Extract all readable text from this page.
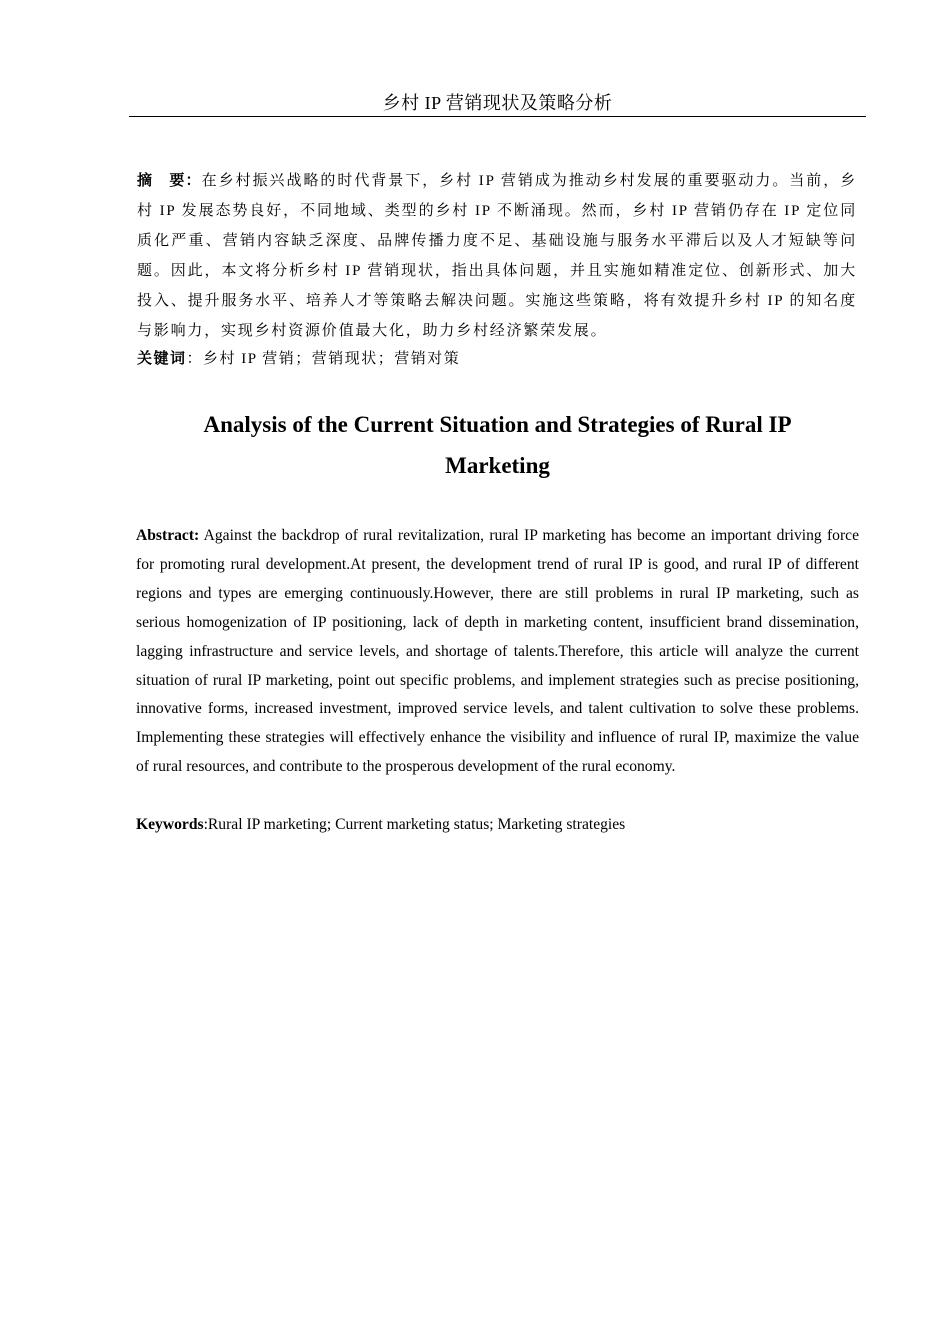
乡村 IP 营销现状及策略分析
摘　要：在乡村振兴战略的时代背景下，乡村 IP 营销成为推动乡村发展的重要驱动力。当前，乡村 IP 发展态势良好，不同地域、类型的乡村 IP 不断涌现。然而，乡村 IP 营销仍存在 IP 定位同质化严重、营销内容缺乏深度、品牌传播力度不足、基础设施与服务水平滞后以及人才短缺等问题。因此，本文将分析乡村 IP 营销现状，指出具体问题，并且实施如精准定位、创新形式、加大投入、提升服务水平、培养人才等策略去解决问题。实施这些策略，将有效提升乡村 IP 的知名度与影响力，实现乡村资源价值最大化，助力乡村经济繁荣发展。
关键词：乡村 IP 营销；营销现状；营销对策
Analysis of the Current Situation and Strategies of Rural IP Marketing
Abstract: Against the backdrop of rural revitalization, rural IP marketing has become an important driving force for promoting rural development.At present, the development trend of rural IP is good, and rural IP of different regions and types are emerging continuously.However, there are still problems in rural IP marketing, such as serious homogenization of IP positioning, lack of depth in marketing content, insufficient brand dissemination, lagging infrastructure and service levels, and shortage of talents.Therefore, this article will analyze the current situation of rural IP marketing, point out specific problems, and implement strategies such as precise positioning, innovative forms, increased investment, improved service levels, and talent cultivation to solve these problems. Implementing these strategies will effectively enhance the visibility and influence of rural IP, maximize the value of rural resources, and contribute to the prosperous development of the rural economy.
Keywords:Rural IP marketing; Current marketing status; Marketing strategies
